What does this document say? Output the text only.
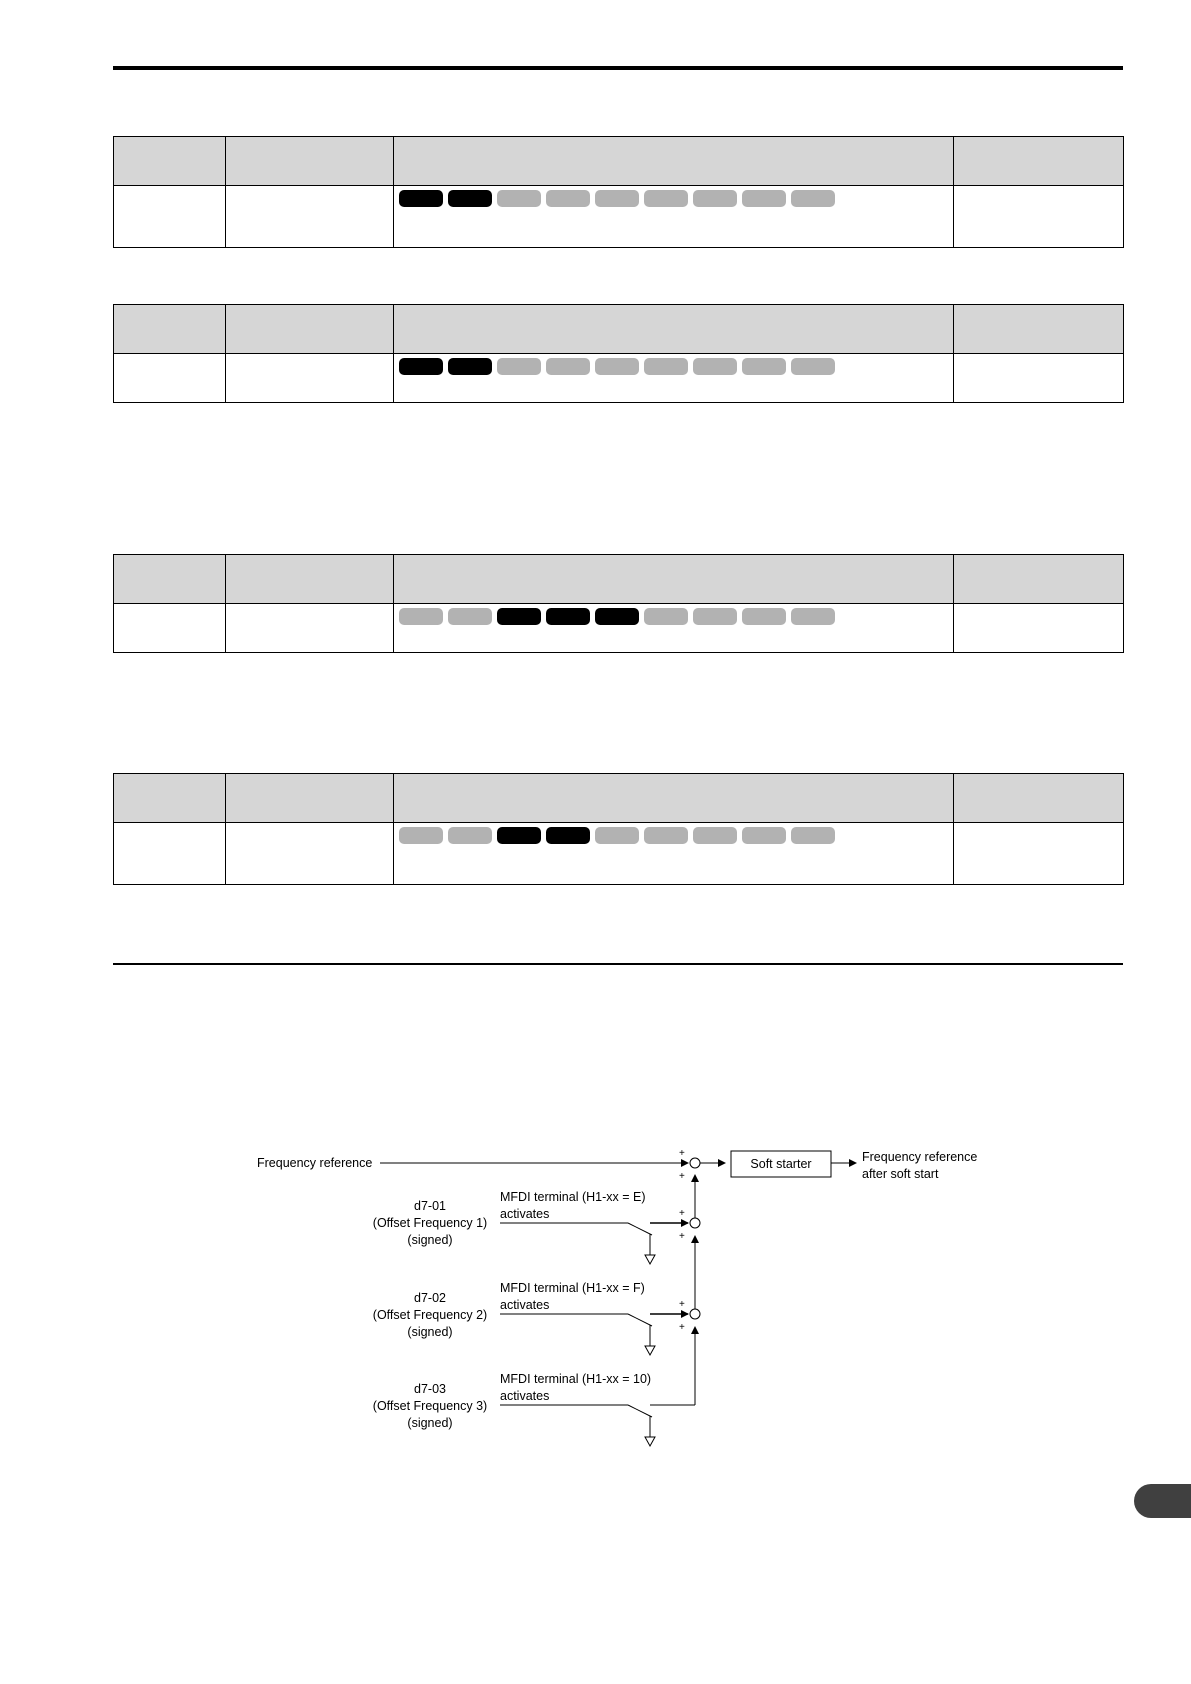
Frequency reference
+
+
Soft starter	Frequency reference
after soft start
d7-01
(Offset Frequency 1)
(signed)
MFDI terminal (H1-xx = E)
activates	+
+
d7-02
(Offset Frequency 2)
(signed)
MFDI terminal (H1-xx = F)
activates	+
+
d7-03
(Offset Frequency 3)
(signed)
MFDI terminal (H1-xx = 10)
activates
